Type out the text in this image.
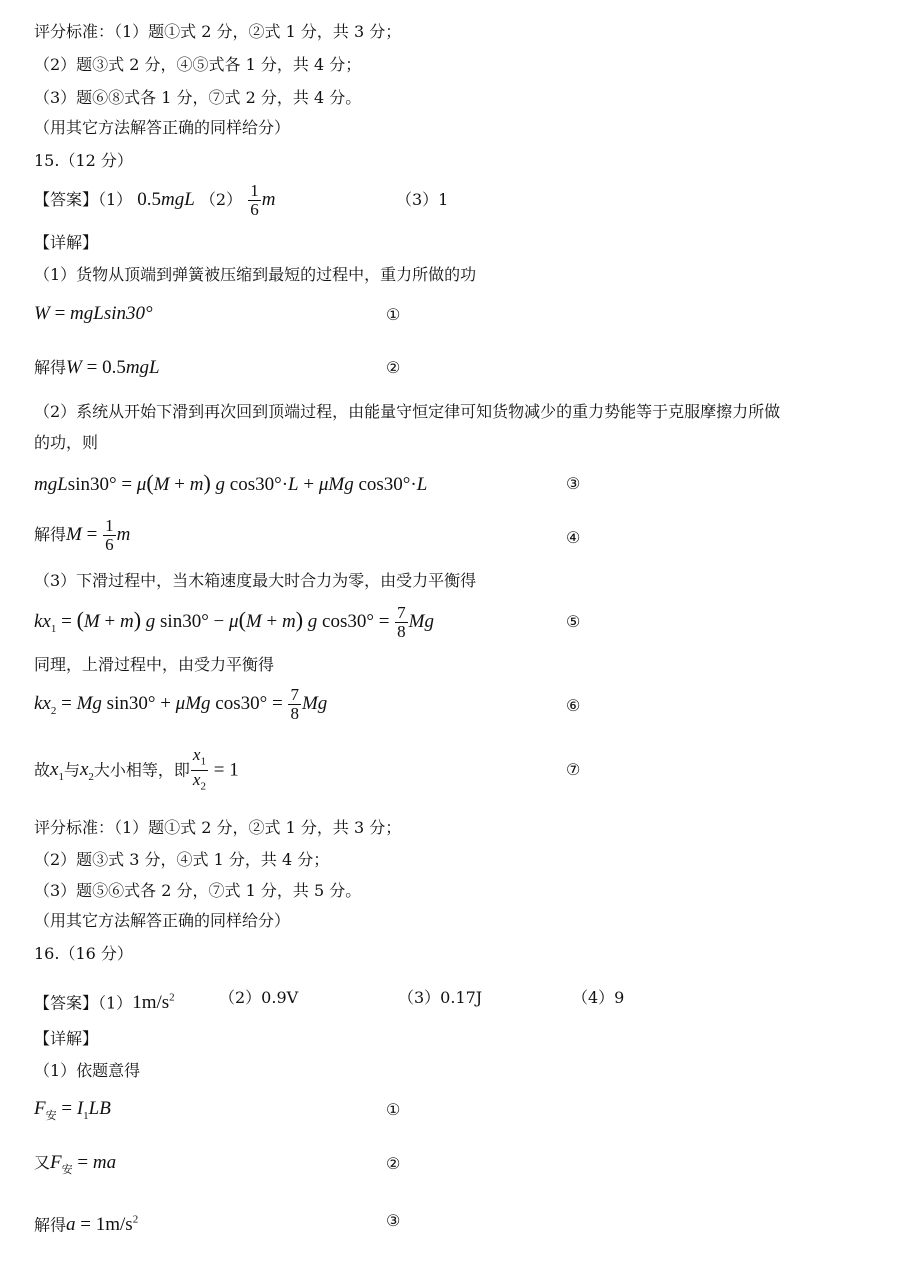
评分标准：（1）题①式 2 分，②式 1 分，共 3 分；
（2）题③式 2 分，④⑤式各 1 分，共 4 分；
（3）题⑥⑧式各 1 分，⑦式 2 分，共 4 分。
（用其它方法解答正确的同样给分）
15.（12 分）
【答案】（1） 0.5mgL $(2) \frac{1}{6}$ m	（3）1
【详解】
（1）货物从顶端到弹簧被压缩到最短的过程中，重力所做的功
W = mgLsin30°	①
解得W = 0.5mgL	②
（2）系统从开始下滑到再次回到顶端过程，由能量守恒定律可知货物减少的重力势能等于克服摩擦力所做
的功，则
mgLsin30° = μ(M + m) g cos30°·L + μMg cos30°·L	③
解得$M = \frac{1}{6}$ m	④
（3）下滑过程中，当木箱速度最大时合力为零，由受力平衡得
$kx_1 = (M + m)$ g sin30° − μ(M + m) g $\cos 30^\circ = \frac{7}{8}$ Mg	⑤
同理，上滑过程中，由受力平衡得
$kx_2 = Mg$ sin30° + μMg $\cos 30^\circ = \frac{7}{8}$ Mg	⑥
故$x_1$与$x_2$大小相等，即 $\frac{x_1}{x_2} = 1$	⑦
评分标准：（1）题①式 2 分，②式 1 分，共 3 分；
（2）题③式 3 分，④式 1 分，共 4 分；
（3）题⑤⑥式各 2 分，⑦式 1 分，共 5 分。
（用其它方法解答正确的同样给分）
16.（16 分）
【答案】$(1)1m/s^2$	（2）0.9V	（3）0.17J	（4）9
【详解】
（1）依题意得
$F_安 = I_1LB$	①
又$F_安$ = ma	②
解得$a = 1m/s^2$	③
